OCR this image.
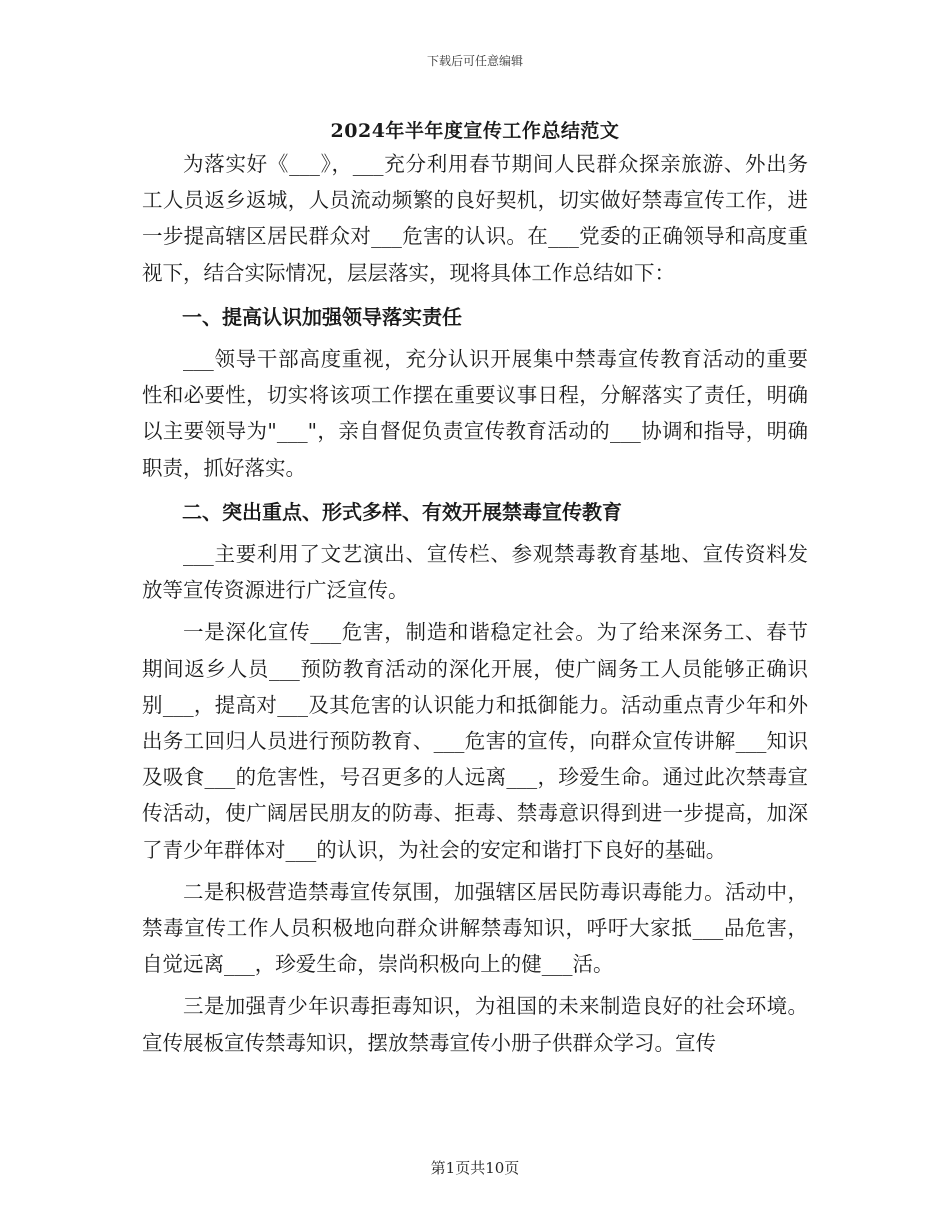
下载后可任意编辑
2024年半年度宣传工作总结范文

为落实好《___》，___充分利用春节期间人民群众探亲旅游、外出务工人员返乡返城，人员流动频繁的良好契机，切实做好禁毒宣传工作，进一步提高辖区居民群众对___危害的认识。在___党委的正确领导和高度重视下，结合实际情况，层层落实，现将具体工作总结如下：

一、提高认识加强领导落实责任

___领导干部高度重视，充分认识开展集中禁毒宣传教育活动的重要性和必要性，切实将该项工作摆在重要议事日程，分解落实了责任，明确以主要领导为"___"，亲自督促负责宣传教育活动的___协调和指导，明确职责，抓好落实。

二、突出重点、形式多样、有效开展禁毒宣传教育

___主要利用了文艺演出、宣传栏、参观禁毒教育基地、宣传资料发放等宣传资源进行广泛宣传。

一是深化宣传___危害，制造和谐稳定社会。为了给来深务工、春节期间返乡人员___预防教育活动的深化开展，使广阔务工人员能够正确识别___，提高对___及其危害的认识能力和抵御能力。活动重点青少年和外出务工回归人员进行预防教育、___危害的宣传，向群众宣传讲解___知识及吸食___的危害性，号召更多的人远离___，珍爱生命。通过此次禁毒宣传活动，使广阔居民朋友的防毒、拒毒、禁毒意识得到进一步提高，加深了青少年群体对___的认识，为社会的安定和谐打下良好的基础。

二是积极营造禁毒宣传氛围，加强辖区居民防毒识毒能力。活动中，禁毒宣传工作人员积极地向群众讲解禁毒知识，呼吁大家抵___品危害，自觉远离___，珍爱生命，崇尚积极向上的健___活。

三是加强青少年识毒拒毒知识，为祖国的未来制造良好的社会环境。宣传展板宣传禁毒知识，摆放禁毒宣传小册子供群众学习。宣传

第1页共10页
